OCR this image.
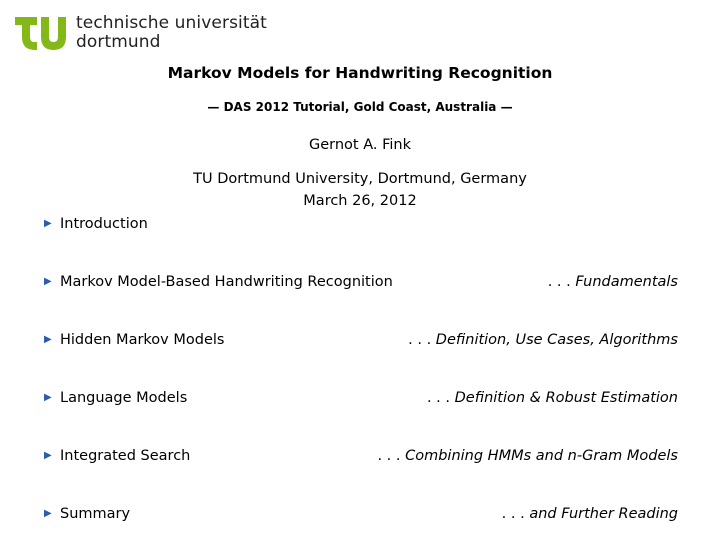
technische universität
dortmund
Markov Models for Handwriting Recognition
— DAS 2012 Tutorial, Gold Coast, Australia —
Gernot A. Fink
TU Dortmund University, Dortmund, Germany
March 26, 2012
▶ Introduction
▶ Markov Model-Based Handwriting Recognition	. . . Fundamentals
▶ Hidden Markov Models	. . . Definition, Use Cases, Algorithms
▶ Language Models	. . . Definition & Robust Estimation
▶ Integrated Search	. . . Combining HMMs and n-Gram Models
▶ Summary	. . . and Further Reading
